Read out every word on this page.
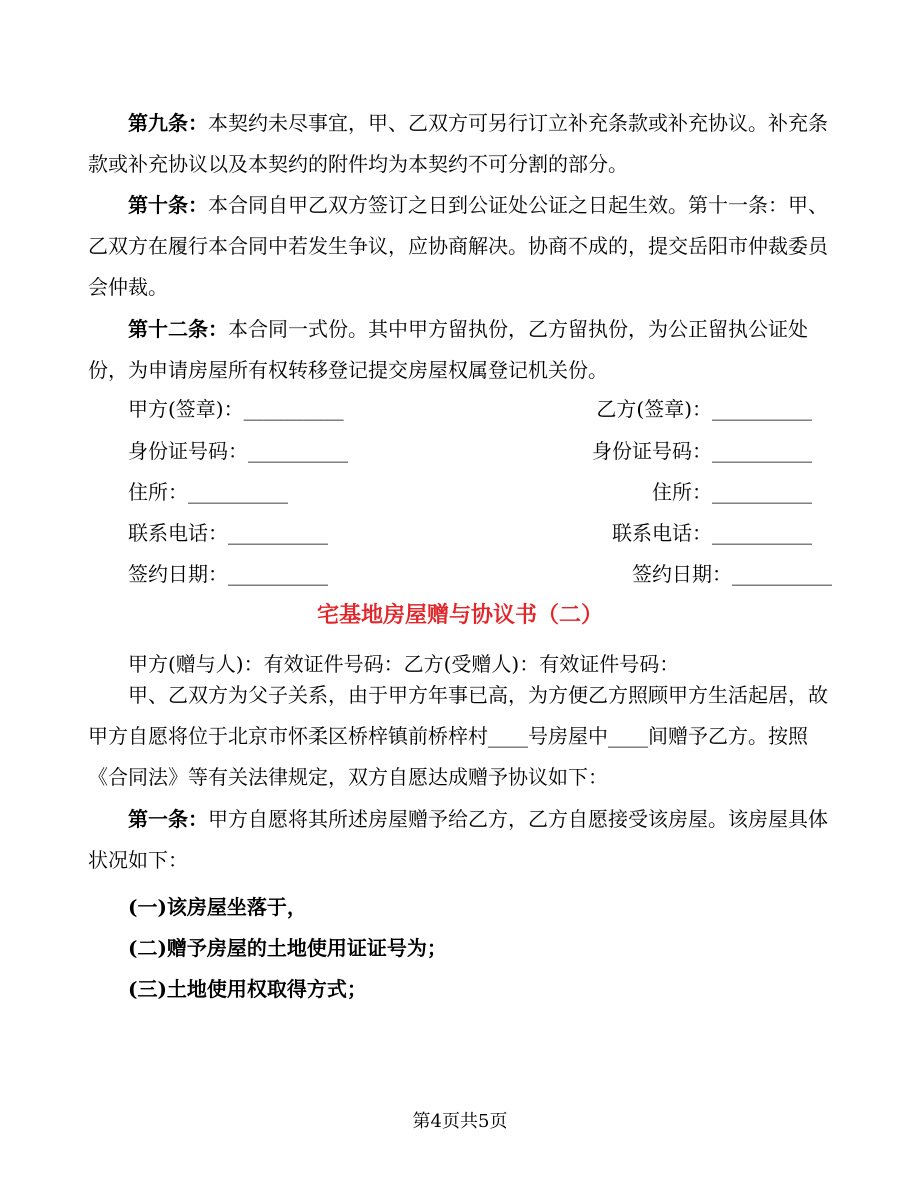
第九条：本契约未尽事宜，甲、乙双方可另行订立补充条款或补充协议。补充条款或补充协议以及本契约的附件均为本契约不可分割的部分。

第十条：本合同自甲乙双方签订之日到公证处公证之日起生效。第十一条：甲、乙双方在履行本合同中若发生争议，应协商解决。协商不成的，提交岳阳市仲裁委员会仲裁。

第十二条：本合同一式份。其中甲方留执份，乙方留执份，为公正留执公证处份，为申请房屋所有权转移登记提交房屋权属登记机关份。

甲方(签章)：__________	乙方(签章)：__________
身份证号码：__________	身份证号码：__________
住所：__________	住所：__________
联系电话：__________	联系电话：__________
签约日期：__________	签约日期：__________
宅基地房屋赠与协议书（二）
甲方(赠与人)：有效证件号码：乙方(受赠人)：有效证件号码：

甲、乙双方为父子关系，由于甲方年事已高，为方便乙方照顾甲方生活起居，故甲方自愿将位于北京市怀柔区桥梓镇前桥梓村____号房屋中____间赠予乙方。按照《合同法》等有关法律规定，双方自愿达成赠予协议如下：

第一条：甲方自愿将其所述房屋赠予给乙方，乙方自愿接受该房屋。该房屋具体状况如下：

(一)该房屋坐落于，
(二)赠予房屋的土地使用证证号为；
(三)土地使用权取得方式；
第4页共5页
